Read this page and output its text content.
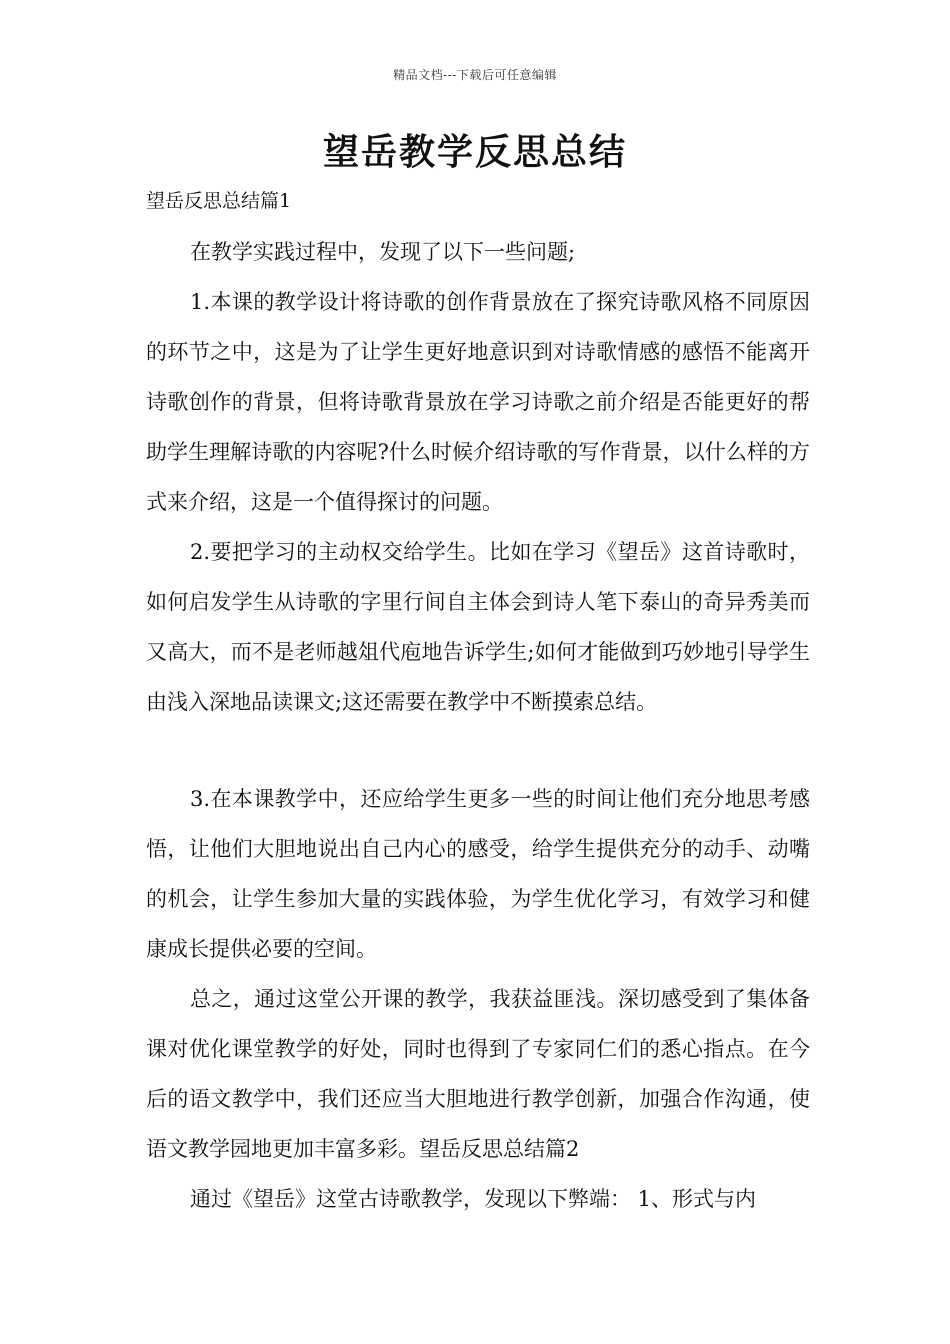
精品文档---下载后可任意编辑
望岳教学反思总结

望岳反思总结篇1

在教学实践过程中，发现了以下一些问题;

1.本课的教学设计将诗歌的创作背景放在了探究诗歌风格不同原因的环节之中，这是为了让学生更好地意识到对诗歌情感的感悟不能离开诗歌创作的背景，但将诗歌背景放在学习诗歌之前介绍是否能更好的帮助学生理解诗歌的内容呢?什么时候介绍诗歌的写作背景，以什么样的方式来介绍，这是一个值得探讨的问题。

2.要把学习的主动权交给学生。比如在学习《望岳》这首诗歌时，如何启发学生从诗歌的字里行间自主体会到诗人笔下泰山的奇异秀美而又高大，而不是老师越俎代庖地告诉学生;如何才能做到巧妙地引导学生由浅入深地品读课文;这还需要在教学中不断摸索总结。

3.在本课教学中，还应给学生更多一些的时间让他们充分地思考感悟，让他们大胆地说出自己内心的感受，给学生提供充分的动手、动嘴的机会，让学生参加大量的实践体验，为学生优化学习，有效学习和健康成长提供必要的空间。

总之，通过这堂公开课的教学，我获益匪浅。深切感受到了集体备课对优化课堂教学的好处，同时也得到了专家同仁们的悉心指点。在今后的语文教学中，我们还应当大胆地进行教学创新，加强合作沟通，使语文教学园地更加丰富多彩。望岳反思总结篇2

通过《望岳》这堂古诗歌教学，发现以下弊端： 1、形式与内
